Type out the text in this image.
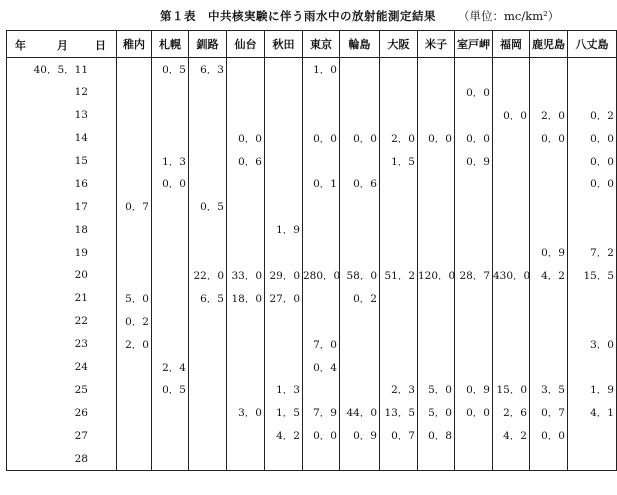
第１表　中共核実験に伴う雨水中の放射能測定結果 （単位：mc/km²）
年 月 日	稚内	札幌	釧路	仙台	秋田	東京	輪島	大阪	米子	室戸岬	福岡	鹿児島	八丈島
40．5．11		0．5	6．3			1．0							
12										0．0			
13											0．0	2．0	0．2
14				0．0		0．0	0．0	2．0	0．0	0．0		0．0	0．0
15		1．3		0．6				1．5		0．9			0．0
16		0．0				0．1	0．6						0．0
17	0．7		0．5										
18					1．9								
19												0．9	7．2
20			22．0	33．0	29．0	280．0	58．0	51．2	120．0	28．7	430．0	4．2	15．5
21	5．0		6．5	18．0	27．0		0．2						
22	0．2												
23	2．0					7．0							3．0
24		2．4				0．4							
25		0．5			1．3			2．3	5．0	0．9	15．0	3．5	1．9
26				3．0	1．5	7．9	44．0	13．5	5．0	0．0	2．6	0．7	4．1
27					4．2	0．0	0．9	0．7	0．8		4．2	0．0	
28													
